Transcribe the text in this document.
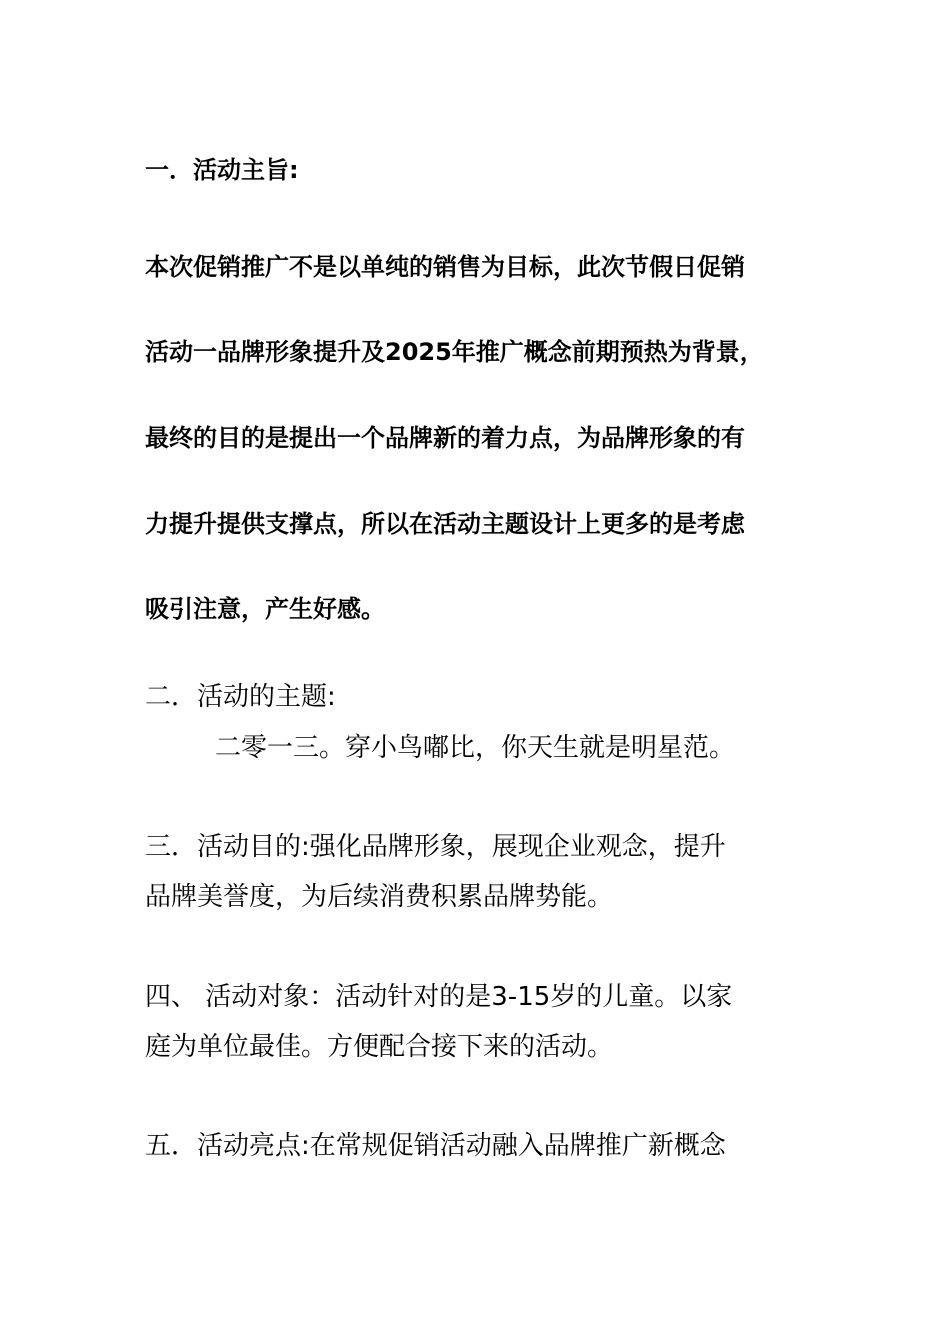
一．活动主旨:
本次促销推广不是以单纯的销售为目标，此次节假日促销
活动一品牌形象提升及2025年推广概念前期预热为背景，
最终的目的是提出一个品牌新的着力点，为品牌形象的有
力提升提供支撑点，所以在活动主题设计上更多的是考虑
吸引注意，产生好感。
二．活动的主题:
二零一三。穿小鸟嘟比，你天生就是明星范。
三．活动目的:强化品牌形象，展现企业观念，提升
品牌美誉度，为后续消费积累品牌势能。
四、 活动对象：活动针对的是3-15岁的儿童。以家
庭为单位最佳。方便配合接下来的活动。
五．活动亮点:在常规促销活动融入品牌推广新概念
